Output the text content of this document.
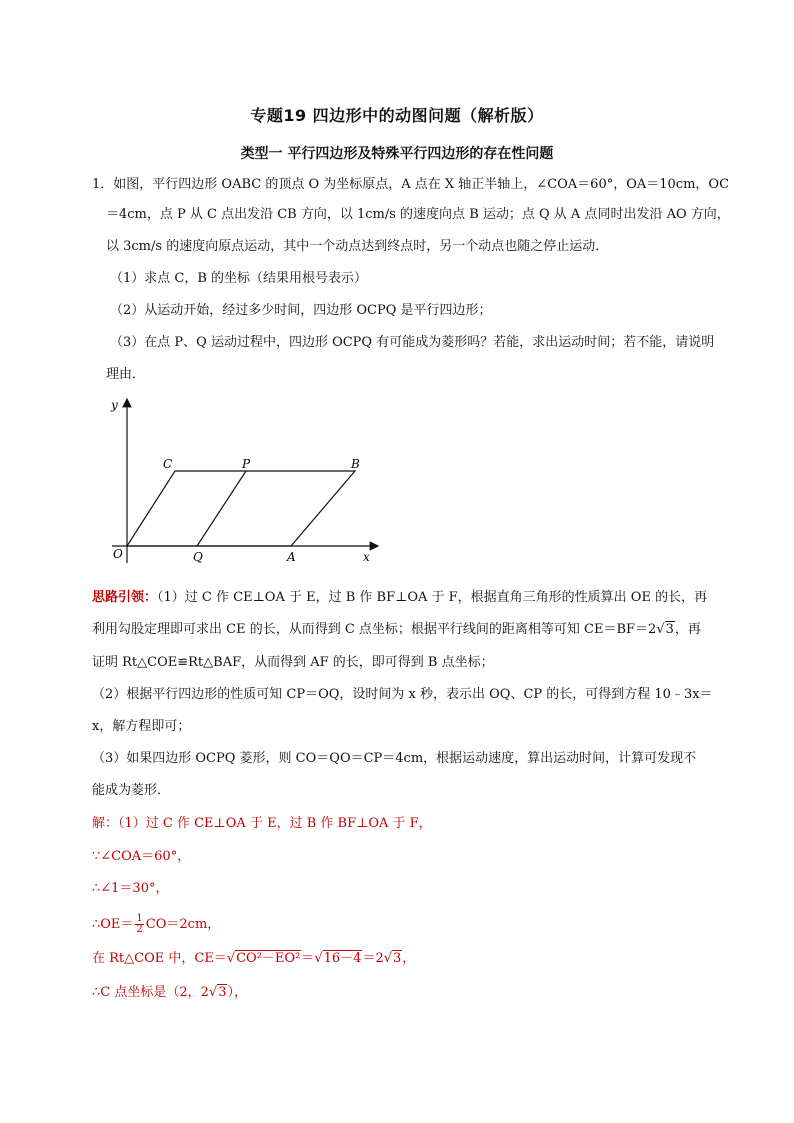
专题19 四边形中的动图问题（解析版）
类型一 平行四边形及特殊平行四边形的存在性问题
1．如图，平行四边形 OABC 的顶点 O 为坐标原点，A 点在 X 轴正半轴上，∠COA＝60°，OA＝10cm，OC
＝4cm，点 P 从 C 点出发沿 CB 方向，以 1cm/s 的速度向点 B 运动；点 Q 从 A 点同时出发沿 AO 方向，
以 3cm/s 的速度向原点运动，其中一个动点达到终点时，另一个动点也随之停止运动．
（1）求点 C，B 的坐标（结果用根号表示）
（2）从运动开始，经过多少时间，四边形 OCPQ 是平行四边形；
（3）在点 P、Q 运动过程中，四边形 OCPQ 有可能成为菱形吗？若能，求出运动时间；若不能，请说明
理由．
y
x
O
C	P	B
Q	A
思路引领：（1）过 C 作 CE⊥OA 于 E，过 B 作 BF⊥OA 于 F，根据直角三角形的性质算出 OE 的长，再
利用勾股定理即可求出 CE 的长，从而得到 C 点坐标；根据平行线间的距离相等可知 CE＝BF＝2√3，再
证明 Rt△COE≌Rt△BAF，从而得到 AF 的长，即可得到 B 点坐标；
（2）根据平行四边形的性质可知 CP＝OQ，设时间为 x 秒，表示出 OQ、CP 的长，可得到方程 10﹣3x＝
x，解方程即可；
（3）如果四边形 OCPQ 菱形，则 CO＝QO＝CP＝4cm，根据运动速度，算出运动时间，计算可发现不
能成为菱形．
解：（1）过 C 作 CE⊥OA 于 E，过 B 作 BF⊥OA 于 F，
∵∠COA＝60°，
∴∠1＝30°，
∴OE＝ $\frac{1}{2} CO=2cm$，
在 Rt△COE 中，CE＝√CO²－EO²＝√16－4＝2√3，
∴C 点坐标是（2，2√3），
